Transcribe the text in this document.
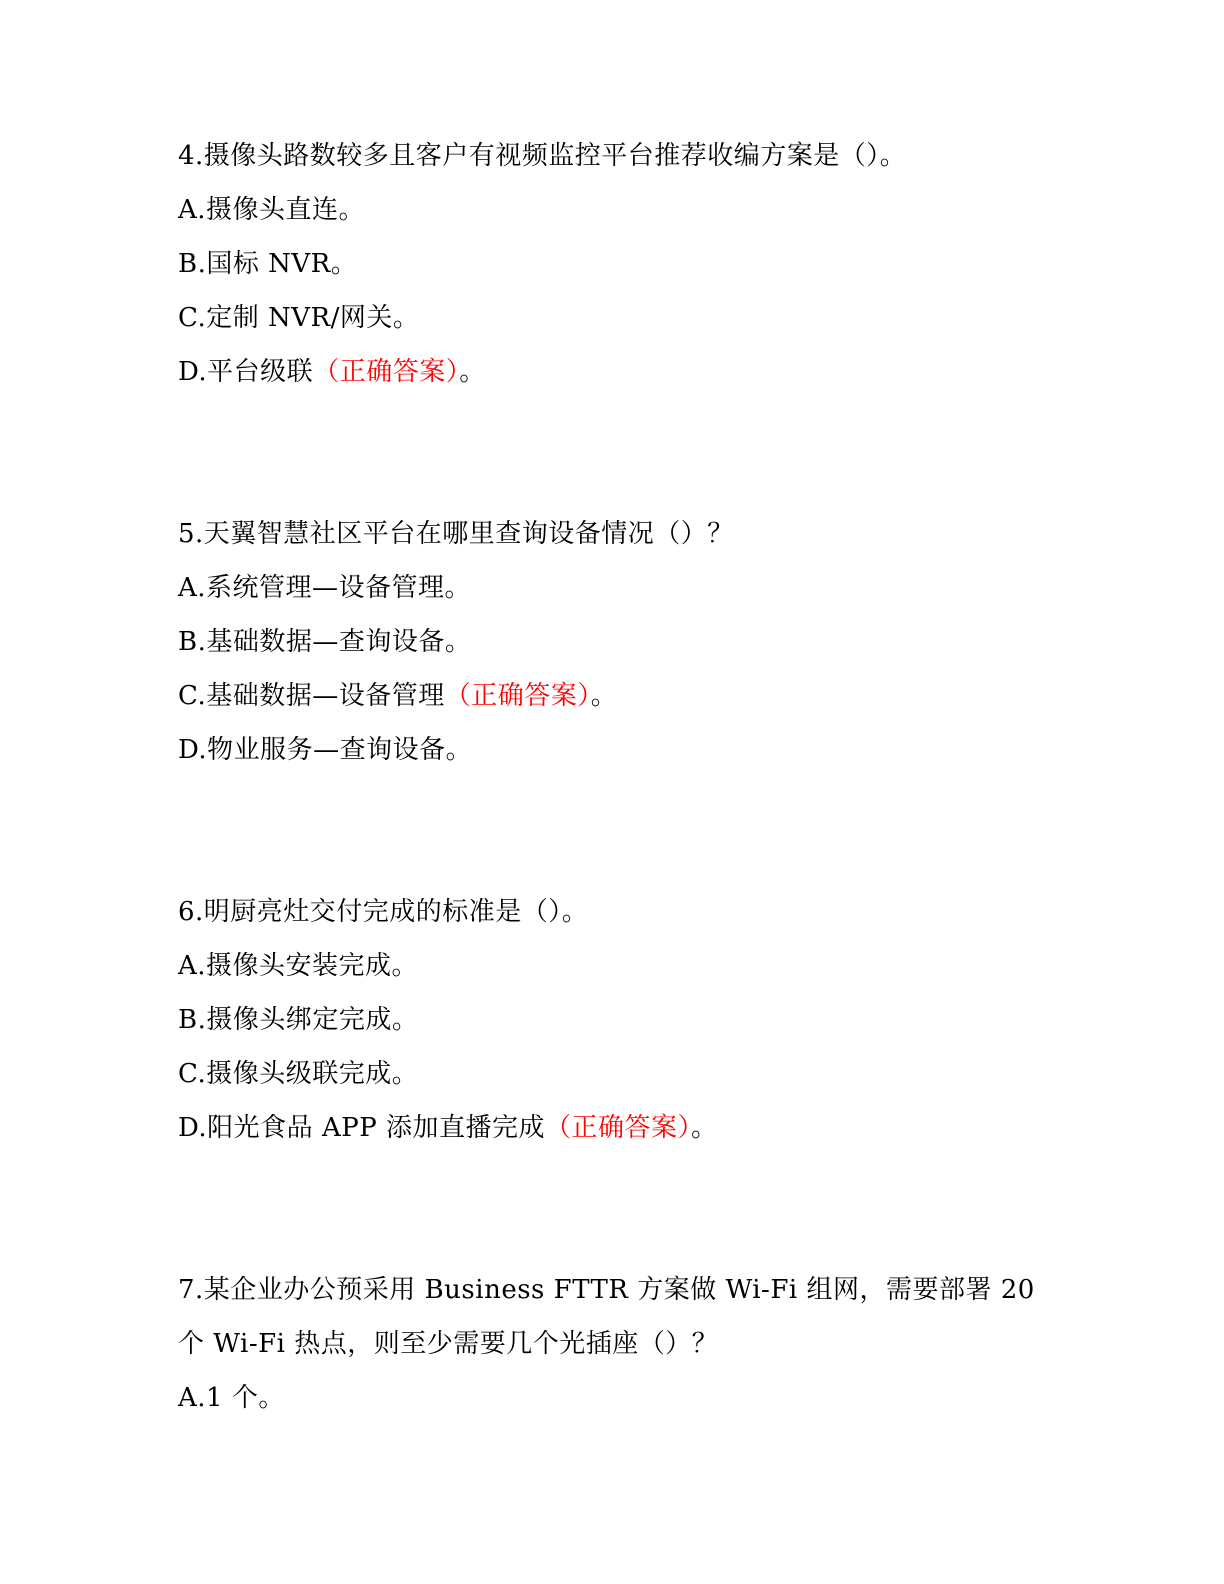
4.摄像头路数较多且客户有视频监控平台推荐收编方案是（）。
A.摄像头直连。
B.国标 NVR。
C.定制 NVR/网关。
D.平台级联（正确答案）。
5.天翼智慧社区平台在哪里查询设备情况（）？
A.系统管理—设备管理。
B.基础数据—查询设备。
C.基础数据—设备管理（正确答案）。
D.物业服务—查询设备。
6.明厨亮灶交付完成的标准是（）。
A.摄像头安装完成。
B.摄像头绑定完成。
C.摄像头级联完成。
D.阳光食品 APP 添加直播完成（正确答案）。
7.某企业办公预采用 Business FTTR 方案做 Wi-Fi 组网，需要部署 20
个 Wi-Fi 热点，则至少需要几个光插座（）？
A.1 个。
